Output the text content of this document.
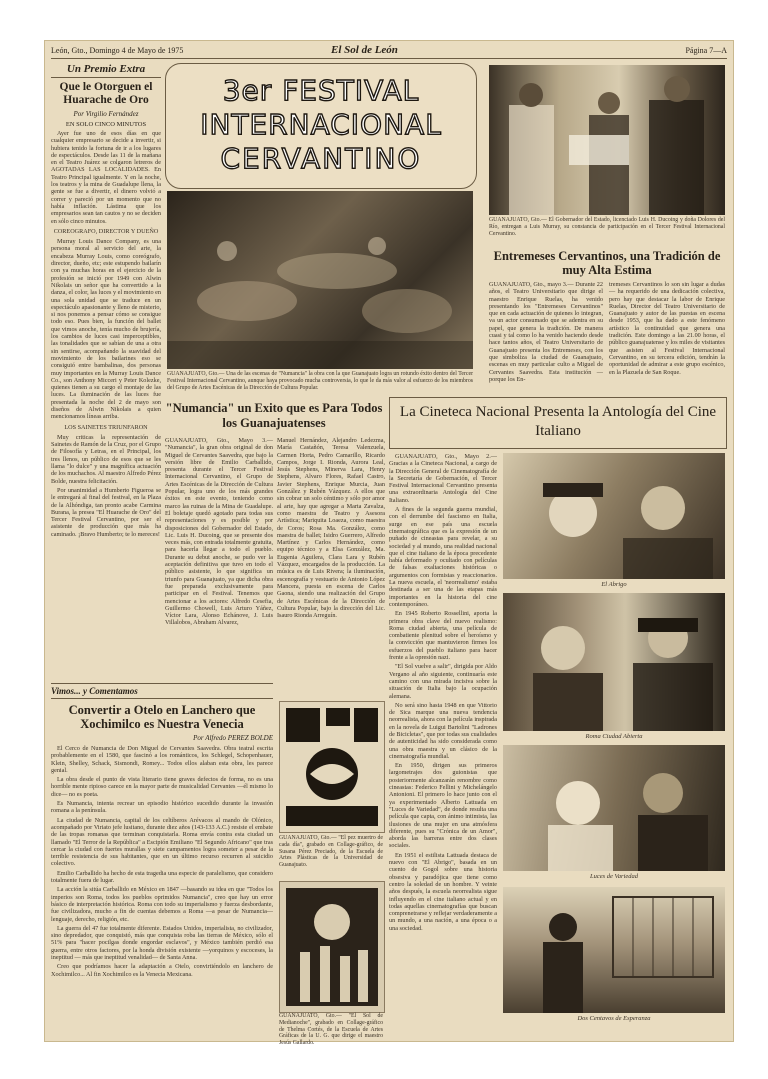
León, Gto., Domingo 4 de Mayo de 1975	El Sol de León	Página 7—A
Un Premio Extra
Que le Otorguen el Huarache de Oro
Por Virgilio Fernández
EN SOLO CINCO MINUTOS

Ayer fue uno de esos días en que cualquier empresario se decide a invertir, si hubiera tenido la fortuna de ir a los lugares de espectáculos. Desde las 11 de la mañana en el Teatro Juárez se colgaron letreros de AGOTADAS LAS LOCALIDADES. En Teatro Principal igualmente. Y en la noche, los teatros y la mina de Guadalupe llena, la gente se fue a divertir, el dinero volvió a correr y pareció por un momento que no había inflación. Lástima que los empresarios sean tan cautos y no se deciden en sólo cinco minutos.

COREOGRAFO, DIRECTOR Y DUEÑO

Murray Louis Dance Company, es una persona moral al servicio del arte, la encabeza Murray Louis, como coreógrafo, director, dueño, etc; este estupendo bailarín con ya muchas horas en el ejercicio de la profesión se inició por 1949 con Alwin Nikolais un señor que ha convertido a la danza, el color, las luces y el movimiento en una sola unidad que se traduce en un espectáculo apasionante y lleno de misterio, si nos ponemos a pensar cómo se consigue todo eso. Pues bien, la función del ballet que vimos anoche, tenía mucho de brujería, los cambios de luces casi imperceptibles, las tonalidades que se sabían de una a otra sin sentirse, acompañando la suavidad del movimiento de los bailarines eso se consiguió entre bambalinas, dos personas muy importantes en la Murray Louis Dance Co., son Anthony Micceri y Peter Kolezke, quienes tienen a su cargo el montaje de las luces. La iluminación de las luces fue presentada la noche del 2 de mayo son diseños de Alwin Nikolais a quien mencionamos líneas arriba.

LOS SAINETES TRIUNFARON

Muy criticas la representación de Sainetes de Ramón de la Cruz, por el Grupo de Filosofía y Letras, en el Principal, los tres llenos, un público de esos que se les llama "lo dulce" y una magnífica actuación de los muchachos. Al maestro Alfredo Pérez Bolde, nuestra felicitación.

Por unanimidad a Humberto Figueroa se le entregará al final del festival, en la Plaza de la Alhóndiga, tan pronto acabe Carmina Burana, la presea "El Huarache de Oro" del Tercer Festival Cervantino, por ser el asistente de producción que más ha caminado. ¡Bravo Humberto; te lo mereces!

3er FESTIVAL
INTERNACIONAL
CERVANTINO
GUANAJUATO, Gto.— Una de las escenas de "Numancia" la obra con la que Guanajuato logra un rotundo éxito dentro del Tercer Festival Internacional Cervantino, aunque haya provocado mucha controversia, lo que le da más valor al esfuerzo de los miembros del Grupo de Artes Escénicas de la Dirección de Cultura Popular.
GUANAJUATO, Gto.— El Gobernador del Estado, licenciado Luis H. Ducoing y doña Dolores del Río, entregan a Luis Murray, su constancia de participación en el Tercer Festival Internacional Cervantino.
Entremeses Cervantinos, una Tradición de muy Alta Estima
GUANAJUATO, Gto., mayo 3.— Durante 22 años, el Teatro Universitario que dirige el maestro Enrique Ruelas, ha venido presentando los "Entremeses Cervantinos" que en cada actuación de quienes lo integran, va un actor consumado que se adentra en su papel, que genera la tradición. De manera cuasi y tal como lo ha venido haciendo desde hace tantos años, el Teatro Universitario de Guanajuato presenta los Entremeses, con los que simboliza la ciudad de Guanajuato, escenas en muy particular culto a Miguel de Cervantes Saavedra. Esta institución —porque los En-
tremeses Cervantinos lo son sin lugar a dudas— ha requerido de una dedicación colectiva, pero hay que destacar la labor de Enrique Ruelas, Director del Teatro Universitario de Guanajuato y autor de las puestas en escena desde 1953, que ha dado a este fenómeno artístico la continuidad que genera una tradición. Este domingo a las 21.00 horas, el público guanajuatense y los miles de visitantes que asisten al Festival Internacional Cervantino, en su tercera edición, tendrán la oportunidad de admirar a este grupo escénico, en la Plazuela de San Roque.
"Numancia" un Exito que es Para Todos los Guanajuatenses
GUANAJUATO, Gto., Mayo 3.— "Numancia", la gran obra original de don Miguel de Cervantes Saavedra, que bajo la versión libre de Emilio Carballido, presenta durante el Tercer Festival Internacional Cervantino, el Grupo de Artes Escénicas de la Dirección de Cultura Popular, logra uno de los más grandes éxitos en este evento, teniendo como marco las ruinas de la Mina de Guadalupe. El boletaje quedó agotado para todas sus representaciones y es posible y por disposiciones del Gobernador del Estado, Lic. Luis H. Ducoing, que se presente dos veces más, con entrada totalmente gratuita, para hacerla llegar a todo el pueblo. Durante su debut anoche, se pudo ver la aceptación definitiva que tuvo en todo el público asistente, lo que significa un triunfo para Guanajuato, ya que dicha obra fue preparada exclusivamente para participar en el Festival. Tenemos que mencionar a los actores: Alfredo Cesefia, Guillermo Chowell, Luis Arturo Yáñez, Víctor Lara, Alonso Echánove, J. Luis Villalobos, Abraham Alvarez,
Manuel Hernández, Alejandro Ledezma, María Castañón, Teresa Valenzuela, Carmen Horta, Pedro Camarillo, Ricardo Campos, Jorge I. Rionda, Aurora Leal, Jesús Stephens, Minerva Lara, Henry Stephens, Alvaro Flores, Rafael Castro, Javier Stephens, Enrique Murcia, Juan González y Rubén Vázquez. A ellos que sin cobrar un solo céntimo y sólo por amor al arte, hay que agregar a Marta Zavalza, como maestra de Teatro y Asesora Artística; Mariquita Loaeza, como maestra de Coros; Rosa Ma. González, como maestra de ballet; Isidro Guerrero, Alfredo Martínez y Carlos Hernández, como equipo técnico y a Elsa González, Ma. Eugenia Aguilera, Clara Lara y Rubén Vázquez, encargados de la producción. La música es de Luis Rivera; la iluminación, escenografía y vestuario de Antonio López Mancera, puesta en escena de Carlos Gaona, siendo una realización del Grupo de Artes Escénicas de la Dirección de Cultura Popular, bajo la dirección del Lic. Isauro Rionda Arreguín.
La Cineteca Nacional Presenta la Antología del Cine Italiano

GUANAJUATO, Gto., Mayo 2.— Gracias a la Cineteca Nacional, a cargo de la Dirección General de Cinematografía de la Secretaría de Gobernación, el Tercer Festival Internacional Cervantino presenta una extraordinaria Antología del Cine Italiano.

A fines de la segunda guerra mundial, con el derrumbe del fascismo en Italia, surge en ese país una escuela cinematográfica que es la expresión de un puñado de cineastas para revelar, a su sociedad y al mundo, una realidad nacional que el cine italiano de la época precedente había deformado y ocultado con películas de falsas exaltaciones históricas o argumentos con formistas y reaccionarios. La nueva escuela, el 'neorrealismo' estaba destinada a ser una de las etapas más importantes en la historia del cine contemporáneo.

En 1945 Roberto Rossellini, aporta la primera obra clave del nuevo realismo: Roma ciudad abierta, una película de combatiente plenitud sobre el heroísmo y la convicción que mantuvieron firmes los esfuerzos del pueblo italiano para hacer frente a la opresión nazi.

"El Sol vuelve a salir", dirigida por Aldo Vergano al año siguiente, continuaría este camino con una mirada incisiva sobre la situación de Italia bajo la ocupación alemana.

No será sino hasta 1948 en que Vittorio de Sica marque una nueva tendencia neorrealista, ahora con la película inspirada en la novela de Luigui Bartolini "Ladrones de Bicicletas", que por todas sus cualidades de autenticidad ha sido considerada como una obra maestra y un clásico de la cinematografía mundial.

En 1950, dirigen sus primeros largometrajes dos guionistas que posteriormente alcanzarán renombre como cineastas: Federico Fellini y Michelángelo Antonioni. El primero lo hace junto con el ya experimentado Alberto Lattuada en "Luces de Variedad", de donde resulta una película que capta, con ánimo intimista, las ilusiones de una mujer en una atmósfera diferente, pues su "Crónica de un Amor", aborda las barreras entre dos clases sociales.

En 1951 el estilista Lattuada destaca de nuevo con "El Abrigo", basada en un cuento de Gogol sobre una historia obsesiva y paradójica que tiene como centro la soledad de un hombre. Y veinte años después, la escuela neorrealista sigue influyendo en el cine italiano actual y en todas aquellas cinematografías que buscan comprenetrarse y reflejar verdaderamente a un mundo, a una nación, a una época o a una sociedad.

El Abrigo
Roma Ciudad Abierta
Luces de Variedad
Dos Centavos de Esperanza
GUANAJUATO, Gto.— "El pez muertro de cada día", grabado en Collage-gráfico, de Susana Pérez Preciado, de la Escuela de Artes Plásticas de la Universidad de Guanajuato.
GUANAJUATO, Gto.— "El Sol de Medianoche", grabado en Collage-gráfico de Thelma Cortés, de la Escuela de Artes Gráficas de la U. G. que dirige el maestro Jesús Gallardo.
Vimos... y Comentamos
Convertir a Otelo en Lanchero que Xochimilco es Nuestra Venecia
Por Alfredo PEREZ BOLDE

El Cerco de Numancia de Don Miguel de Cervantes Saavedra. Obra teatral escrita probablemente en el 1580, que fascinó a los románticos, los Schlegel, Schopenhauer, Klein, Shelley, Schack, Sismondi, Romey... Todos ellos alaban esta obra, les parece genial.

La obra desde el punto de vista literario tiene graves defectos de forma, no es una horrible mente ripioso carece en la mayor parte de musicalidad Cervantes —él mismo lo dice— no es poeta.

Es Numancia, intenta recrear un episodio histórico sucedido durante la invasión romana a la península.

La ciudad de Numancia, capital de los celtíberos Arévacos al mando de Olónico, acompañado por Viriato jefe lusitano, durante diez años (143-133 A.C.) resiste el embate de las tropas romanas que terminan conquistarla. Roma envía contra esta ciudad un llamado "El Terror de la República" a Escipión Emiliano "El Segundo Africano" que tras cercar la ciudad con fuertes murallas y siete campamentos logra someter a pesar de la terrible resistencia de sus habitantes, que en un último recurso recurren al suicidio colectivo.

Emilio Carballido ha hecho de esta tragedia una especie de paralelismo, que considero totalmente fuera de lugar.

La acción la sitúa Carballido en México en 1847 —basando su idea en que "Todos los imperios son Roma, todos los pueblos oprimidos Numancia", creo que hay un error básico de interpretación histórica. Roma con todo su imperialismo y fuerza desbordante, fue civilizadora, mucho a fin de cuentas debemos a Roma —a pesar de Numancia— lenguaje, derecho, religión, etc.

La guerra del 47 fue totalmente diferente. Estados Unidos, imperialista, no civilizador, sino depredador, que conquistó, más que conquista roba las tierras de México, sólo el 51% para "hacer pocilgas donde engordar esclavos", y México también perdió esa guerra, entre otros factores, por la honda división existente —yorquinos y escoceses, la ineptitud — más que ineptitud venalidad— de Santa Anna.

Creo que podríamos hacer la adaptación a Otelo, convirtiéndolo en lanchero de Xochimilco... Al fin Xochimilco es la Venecia Mexicana.
